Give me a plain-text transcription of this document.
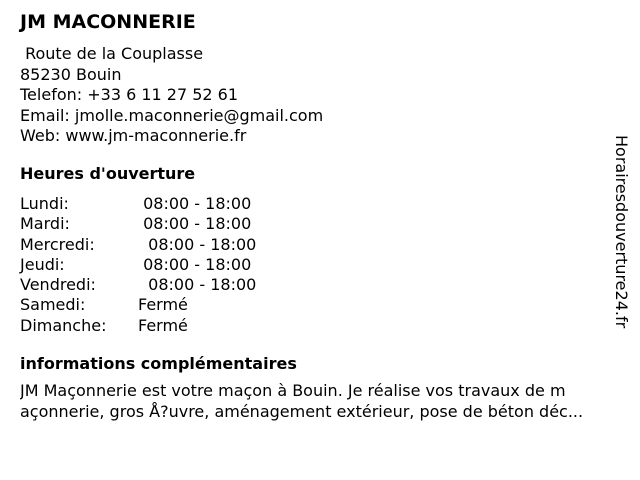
JM MACONNERIE
Route de la Couplasse
85230 Bouin
Telefon: +33 6 11 27 52 61
Email: jmolle.maconnerie@gmail.com
Web: www.jm-maconnerie.fr
Heures d'ouverture
Lundi:	08:00 - 18:00
Mardi:	08:00 - 18:00
Mercredi:	08:00 - 18:00
Jeudi:	08:00 - 18:00
Vendredi:	08:00 - 18:00
Samedi:	Fermé
Dimanche:	Fermé
informations complémentaires
JM Maçonnerie est votre maçon à Bouin. Je réalise vos travaux de m
açonnerie, gros Å?uvre, aménagement extérieur, pose de béton déc...
Horairesdouverture24.fr
